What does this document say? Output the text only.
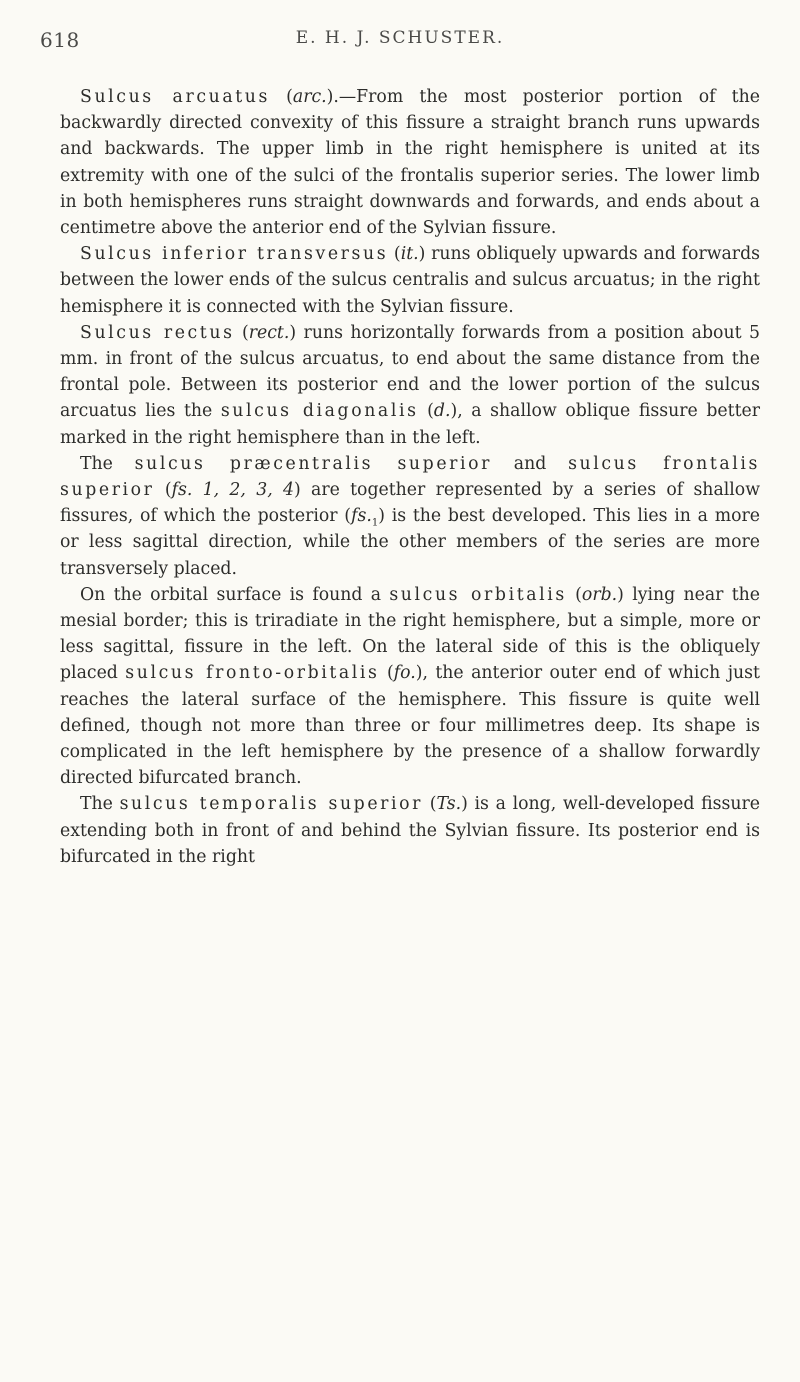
618	E. H. J. SCHUSTER.

Sulcus arcuatus (arc.).—From the most posterior portion of the backwardly directed convexity of this fissure a straight branch runs upwards and backwards. The upper limb in the right hemisphere is united at its extremity with one of the sulci of the frontalis superior series. The lower limb in both hemispheres runs straight downwards and forwards, and ends about a centimetre above the anterior end of the Sylvian fissure.

Sulcus inferior transversus (it.) runs obliquely upwards and forwards between the lower ends of the sulcus centralis and sulcus arcuatus; in the right hemisphere it is connected with the Sylvian fissure.

Sulcus rectus (rect.) runs horizontally forwards from a position about 5 mm. in front of the sulcus arcuatus, to end about the same distance from the frontal pole. Between its posterior end and the lower portion of the sulcus arcuatus lies the sulcus diagonalis (d.), a shallow oblique fissure better marked in the right hemisphere than in the left.

The sulcus præcentralis superior and sulcus frontalis superior (fs. 1, 2, 3, 4) are together represented by a series of shallow fissures, of which the posterior $(fs._1)$ is the best developed. This lies in a more or less sagittal direction, while the other members of the series are more transversely placed.

On the orbital surface is found a sulcus orbitalis (orb.) lying near the mesial border; this is triradiate in the right hemisphere, but a simple, more or less sagittal, fissure in the left. On the lateral side of this is the obliquely placed sulcus fronto-orbitalis (fo.), the anterior outer end of which just reaches the lateral surface of the hemisphere. This fissure is quite well defined, though not more than three or four millimetres deep. Its shape is complicated in the left hemisphere by the presence of a shallow forwardly directed bifurcated branch.

The sulcus temporalis superior (Ts.) is a long, well-developed fissure extending both in front of and behind the Sylvian fissure. Its posterior end is bifurcated in the right
